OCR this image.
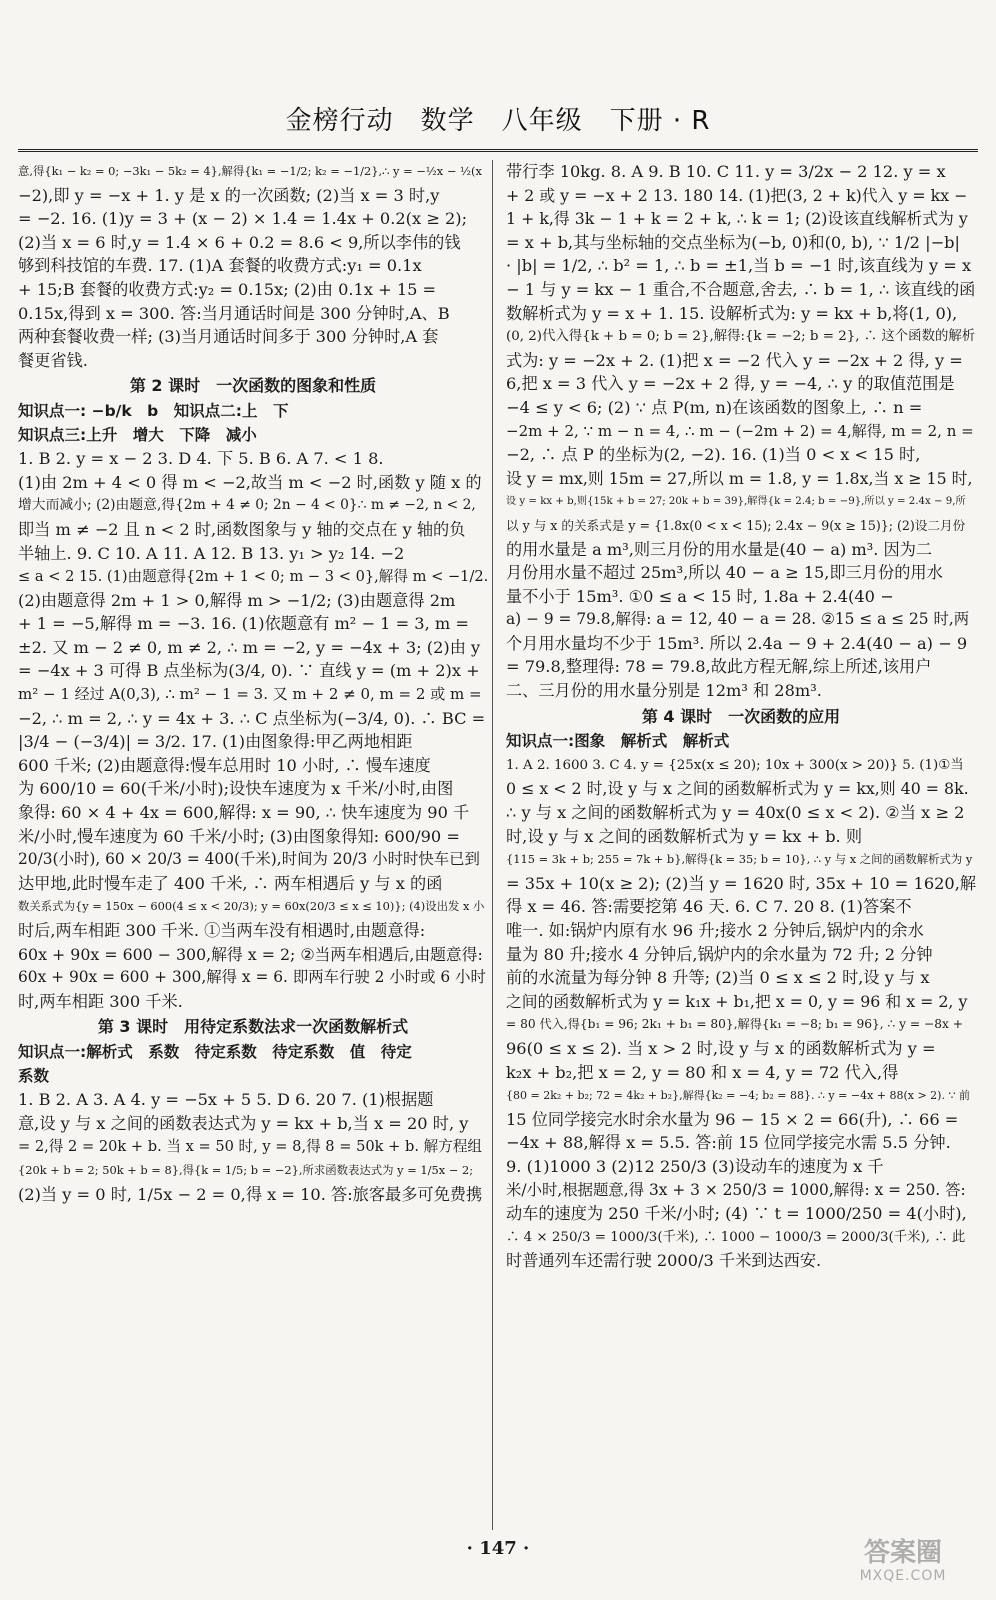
金榜行动　数学　八年级　下册 · R
意,得{k₁ − k₂ = 0; −3k₁ − 5k₂ = 4},解得{k₁ = −1/2; k₂ = −1/2},∴ y = −½x − ½(x
−2),即 y = −x + 1. y 是 x 的一次函数; (2)当 x = 3 时,y
= −2. 16. (1)y = 3 + (x − 2) × 1.4 = 1.4x + 0.2(x ≥ 2);
(2)当 x = 6 时,y = 1.4 × 6 + 0.2 = 8.6 < 9,所以李伟的钱
够到科技馆的车费. 17. (1)A 套餐的收费方式:y₁ = 0.1x
+ 15;B 套餐的收费方式:y₂ = 0.15x; (2)由 0.1x + 15 =
0.15x,得到 x = 300. 答:当月通话时间是 300 分钟时,A、B
两种套餐收费一样; (3)当月通话时间多于 300 分钟时,A 套
餐更省钱.
第 2 课时　一次函数的图象和性质
知识点一: −b/k　b　知识点二:上　下
知识点三:上升　增大　下降　减小
1. B 2. y = x − 2 3. D 4. 下 5. B 6. A 7. < 1 8.
(1)由 2m + 4 < 0 得 m < −2,故当 m < −2 时,函数 y 随 x 的
增大而减小; (2)由题意,得{2m + 4 ≠ 0; 2n − 4 < 0}∴ m ≠ −2, n < 2,
即当 m ≠ −2 且 n < 2 时,函数图象与 y 轴的交点在 y 轴的负
半轴上. 9. C 10. A 11. A 12. B 13. y₁ > y₂ 14. −2
≤ a < 2 15. (1)由题意得{2m + 1 < 0; m − 3 < 0},解得 m < −1/2.
(2)由题意得 2m + 1 > 0,解得 m > −1/2; (3)由题意得 2m
+ 1 = −5,解得 m = −3. 16. (1)依题意有 m² − 1 = 3, m =
±2. 又 m − 2 ≠ 0, m ≠ 2, ∴ m = −2, y = −4x + 3; (2)由 y
= −4x + 3 可得 B 点坐标为(3/4, 0). ∵ 直线 y = (m + 2)x +
m² − 1 经过 A(0,3), ∴ m² − 1 = 3. 又 m + 2 ≠ 0, m = 2 或 m =
−2, ∴ m = 2, ∴ y = 4x + 3. ∴ C 点坐标为(−3/4, 0). ∴ BC =
|3/4 − (−3/4)| = 3/2. 17. (1)由图象得:甲乙两地相距
600 千米; (2)由题意得:慢车总用时 10 小时, ∴ 慢车速度
为 600/10 = 60(千米/小时);设快车速度为 x 千米/小时,由图
象得: 60 × 4 + 4x = 600,解得: x = 90, ∴ 快车速度为 90 千
米/小时,慢车速度为 60 千米/小时; (3)由图象得知: 600/90 =
20/3(小时), 60 × 20/3 = 400(千米),时间为 20/3 小时时快车已到
达甲地,此时慢车走了 400 千米, ∴ 两车相遇后 y 与 x 的函
数关系式为{y = 150x − 600(4 ≤ x < 20/3); y = 60x(20/3 ≤ x ≤ 10)}; (4)设出发 x 小
时后,两车相距 300 千米. ①当两车没有相遇时,由题意得:
60x + 90x = 600 − 300,解得 x = 2; ②当两车相遇后,由题意得:
60x + 90x = 600 + 300,解得 x = 6. 即两车行驶 2 小时或 6 小时
时,两车相距 300 千米.
第 3 课时　用待定系数法求一次函数解析式
知识点一:解析式　系数　待定系数　待定系数　值　待定
系数
1. B 2. A 3. A 4. y = −5x + 5 5. D 6. 20 7. (1)根据题
意,设 y 与 x 之间的函数表达式为 y = kx + b,当 x = 20 时, y
= 2,得 2 = 20k + b. 当 x = 50 时, y = 8,得 8 = 50k + b. 解方程组
{20k + b = 2; 50k + b = 8},得{k = 1/5; b = −2},所求函数表达式为 y = 1/5x − 2;
(2)当 y = 0 时, 1/5x − 2 = 0,得 x = 10. 答:旅客最多可免费携
带行李 10kg. 8. A 9. B 10. C 11. y = 3/2x − 2 12. y = x
+ 2 或 y = −x + 2 13. 180 14. (1)把(3, 2 + k)代入 y = kx −
1 + k,得 3k − 1 + k = 2 + k, ∴ k = 1; (2)设该直线解析式为 y
= x + b,其与坐标轴的交点坐标为(−b, 0)和(0, b), ∵ 1/2 |−b|
· |b| = 1/2, ∴ b² = 1, ∴ b = ±1,当 b = −1 时,该直线为 y = x
− 1 与 y = kx − 1 重合,不合题意,舍去, ∴ b = 1, ∴ 该直线的函
数解析式为 y = x + 1. 15. 设解析式为: y = kx + b,将(1, 0),
(0, 2)代入得{k + b = 0; b = 2},解得:{k = −2; b = 2}, ∴ 这个函数的解析
式为: y = −2x + 2. (1)把 x = −2 代入 y = −2x + 2 得, y =
6,把 x = 3 代入 y = −2x + 2 得, y = −4, ∴ y 的取值范围是
−4 ≤ y < 6; (2) ∵ 点 P(m, n)在该函数的图象上, ∴ n =
−2m + 2, ∵ m − n = 4, ∴ m − (−2m + 2) = 4,解得, m = 2, n =
−2, ∴ 点 P 的坐标为(2, −2). 16. (1)当 0 < x < 15 时,
设 y = mx,则 15m = 27,所以 m = 1.8, y = 1.8x,当 x ≥ 15 时,
设 y = kx + b,则{15k + b = 27; 20k + b = 39},解得{k = 2.4; b = −9},所以 y = 2.4x − 9,所
以 y 与 x 的关系式是 y = {1.8x(0 < x < 15); 2.4x − 9(x ≥ 15)}; (2)设二月份
的用水量是 a m³,则三月份的用水量是(40 − a) m³. 因为二
月份用水量不超过 25m³,所以 40 − a ≥ 15,即三月份的用水
量不小于 15m³. ①0 ≤ a < 15 时, 1.8a + 2.4(40 −
a) − 9 = 79.8,解得: a = 12, 40 − a = 28. ②15 ≤ a ≤ 25 时,两
个月用水量均不少于 15m³. 所以 2.4a − 9 + 2.4(40 − a) − 9
= 79.8,整理得: 78 = 79.8,故此方程无解,综上所述,该用户
二、三月份的用水量分别是 12m³ 和 28m³.
第 4 课时　一次函数的应用
知识点一:图象　解析式　解析式
1. A 2. 1600 3. C 4. y = {25x(x ≤ 20); 10x + 300(x > 20)} 5. (1)①当
0 ≤ x < 2 时,设 y 与 x 之间的函数解析式为 y = kx,则 40 = 8k.
∴ y 与 x 之间的函数解析式为 y = 40x(0 ≤ x < 2). ②当 x ≥ 2
时,设 y 与 x 之间的函数解析式为 y = kx + b. 则
{115 = 3k + b; 255 = 7k + b},解得{k = 35; b = 10}, ∴ y 与 x 之间的函数解析式为 y
= 35x + 10(x ≥ 2); (2)当 y = 1620 时, 35x + 10 = 1620,解
得 x = 46. 答:需要挖第 46 天. 6. C 7. 20 8. (1)答案不
唯一. 如:锅炉内原有水 96 升;接水 2 分钟后,锅炉内的余水
量为 80 升;接水 4 分钟后,锅炉内的余水量为 72 升; 2 分钟
前的水流量为每分钟 8 升等; (2)当 0 ≤ x ≤ 2 时,设 y 与 x
之间的函数解析式为 y = k₁x + b₁,把 x = 0, y = 96 和 x = 2, y
= 80 代入,得{b₁ = 96; 2k₁ + b₁ = 80},解得{k₁ = −8; b₁ = 96}, ∴ y = −8x +
96(0 ≤ x ≤ 2). 当 x > 2 时,设 y 与 x 的函数解析式为 y =
k₂x + b₂,把 x = 2, y = 80 和 x = 4, y = 72 代入,得
{80 = 2k₂ + b₂; 72 = 4k₂ + b₂},解得{k₂ = −4; b₂ = 88}. ∴ y = −4x + 88(x > 2). ∵ 前
15 位同学接完水时余水量为 96 − 15 × 2 = 66(升), ∴ 66 =
−4x + 88,解得 x = 5.5. 答:前 15 位同学接完水需 5.5 分钟.
9. (1)1000 3 (2)12 250/3 (3)设动车的速度为 x 千
米/小时,根据题意,得 3x + 3 × 250/3 = 1000,解得: x = 250. 答:
动车的速度为 250 千米/小时; (4) ∵ t = 1000/250 = 4(小时),
∴ 4 × 250/3 = 1000/3(千米), ∴ 1000 − 1000/3 = 2000/3(千米), ∴ 此
时普通列车还需行驶 2000/3 千米到达西安.
· 147 ·	答案圈
MXQE.COM
